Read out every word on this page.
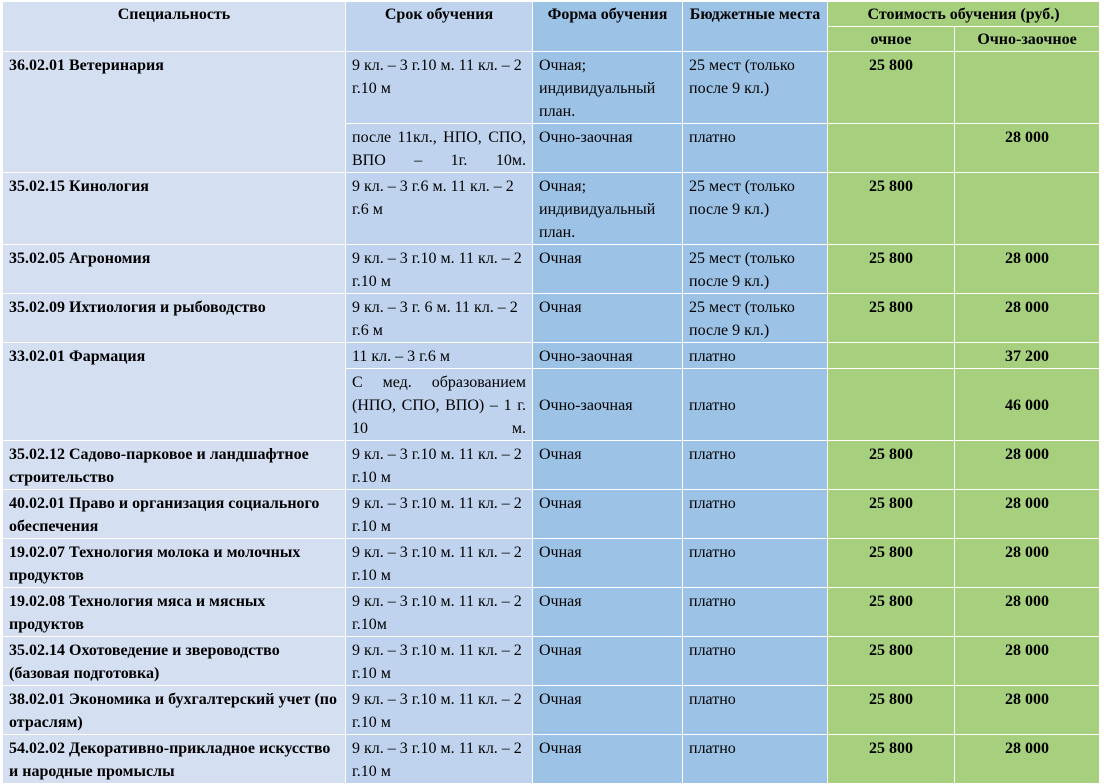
Специальность	Срок обучения	Форма обучения	Бюджетные места	Стоимость обучения (руб.)	
				очное	Очно-заочное
36.02.01 Ветеринария	9 кл. – 3 г.10 м. 11 кл. – 2 г.10 м	Очная; индивидуальный план.	25 мест (только после 9 кл.)	25 800	
	после 11кл., НПО, СПО, ВПО – 1г. 10м.	Очно-заочная	платно		28 000
35.02.15 Кинология	9 кл. – 3 г.6 м. 11 кл. – 2 г.6 м	Очная; индивидуальный план.	25 мест (только после 9 кл.)	25 800	
35.02.05 Агрономия	9 кл. – 3 г.10 м. 11 кл. – 2 г.10 м	Очная	25 мест (только после 9 кл.)	25 800	28 000
35.02.09 Ихтиология и рыбоводство	9 кл. – 3 г. 6 м. 11 кл. – 2 г.6 м	Очная	25 мест (только после 9 кл.)	25 800	28 000
33.02.01 Фармация	11 кл. – 3 г.6 м	Очно-заочная	платно		37 200
	С мед. образованием (НПО, СПО, ВПО) – 1 г. 10 м.	Очно-заочная	платно		46 000
35.02.12 Садово-парковое и ландшафтное строительство	9 кл. – 3 г.10 м. 11 кл. – 2 г.10 м	Очная	платно	25 800	28 000
40.02.01 Право и организация социального обеспечения	9 кл. – 3 г.10 м. 11 кл. – 2 г.10 м	Очная	платно	25 800	28 000
19.02.07 Технология молока и молочных продуктов	9 кл. – 3 г.10 м. 11 кл. – 2 г.10 м	Очная	платно	25 800	28 000
19.02.08 Технология мяса и мясных продуктов	9 кл. – 3 г.10 м. 11 кл. – 2 г.10м	Очная	платно	25 800	28 000
35.02.14 Охотоведение и звероводство (базовая подготовка)	9 кл. – 3 г.10 м. 11 кл. – 2 г.10 м	Очная	платно	25 800	28 000
38.02.01 Экономика и бухгалтерский учет (по отраслям)	9 кл. – 3 г.10 м. 11 кл. – 2 г.10 м	Очная	платно	25 800	28 000
54.02.02 Декоративно-прикладное искусство и народные промыслы	9 кл. – 3 г.10 м. 11 кл. – 2 г.10 м	Очная	платно	25 800	28 000
